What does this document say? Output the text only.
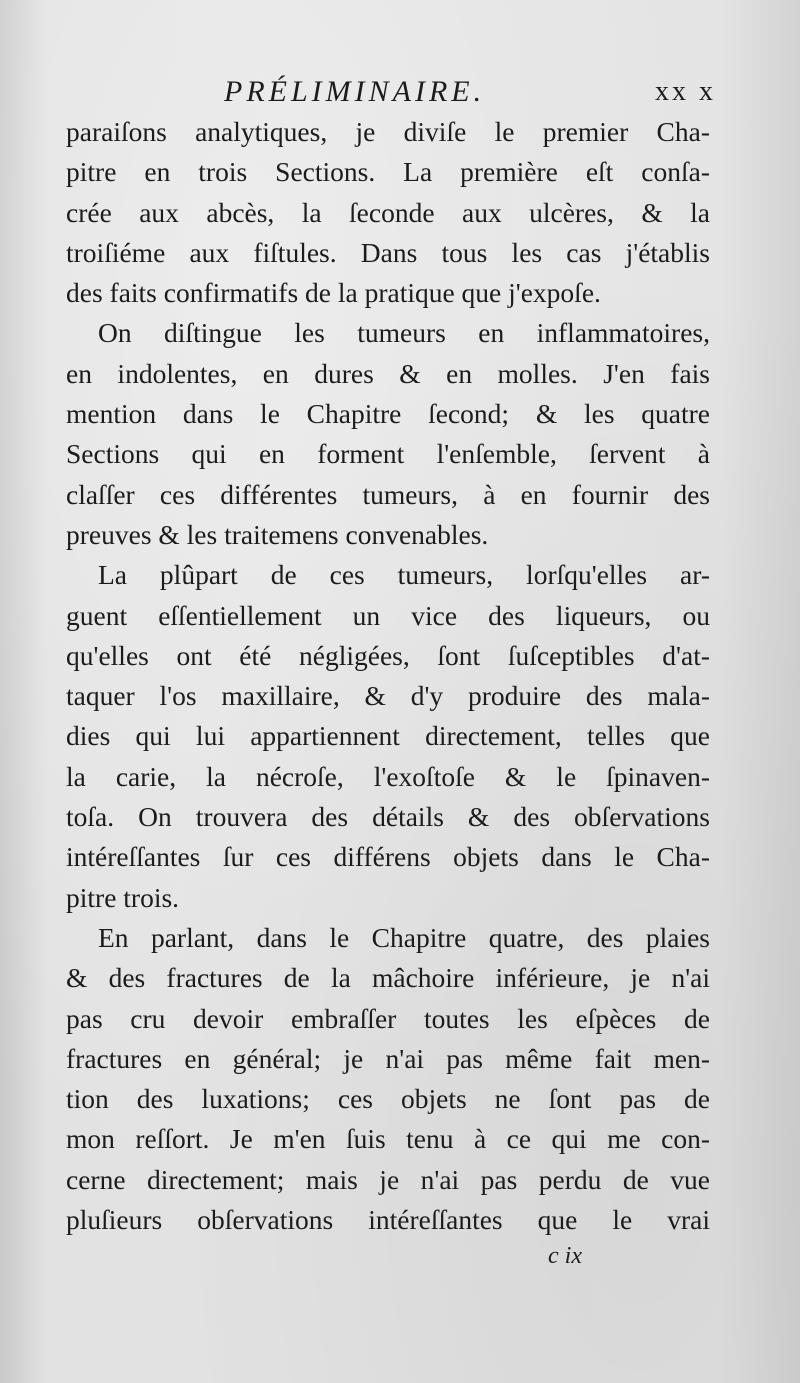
PRÉLIMINAIRE.	xx x
paraiſons analytiques, je diviſe le premier Cha-
pitre en trois Sections. La première eſt conſa-
crée aux abcès, la ſeconde aux ulcères, & la
troiſiéme aux fiſtules. Dans tous les cas j'établis
des faits confirmatifs de la pratique que j'expoſe.
On diſtingue les tumeurs en inflammatoires,
en indolentes, en dures & en molles. J'en fais
mention dans le Chapitre ſecond; & les quatre
Sections qui en forment l'enſemble, ſervent à
claſſer ces différentes tumeurs, à en fournir des
preuves & les traitemens convenables.
La plûpart de ces tumeurs, lorſqu'elles ar-
guent eſſentiellement un vice des liqueurs, ou
qu'elles ont été négligées, ſont ſuſceptibles d'at-
taquer l'os maxillaire, & d'y produire des mala-
dies qui lui appartiennent directement, telles que
la carie, la nécroſe, l'exoſtoſe & le ſpinaven-
toſa. On trouvera des détails & des obſervations
intéreſſantes ſur ces différens objets dans le Cha-
pitre trois.
En parlant, dans le Chapitre quatre, des plaies
& des fractures de la mâchoire inférieure, je n'ai
pas cru devoir embraſſer toutes les eſpèces de
fractures en général; je n'ai pas même fait men-
tion des luxations; ces objets ne ſont pas de
mon reſſort. Je m'en ſuis tenu à ce qui me con-
cerne directement; mais je n'ai pas perdu de vue
pluſieurs obſervations intéreſſantes que le vrai
c ix
